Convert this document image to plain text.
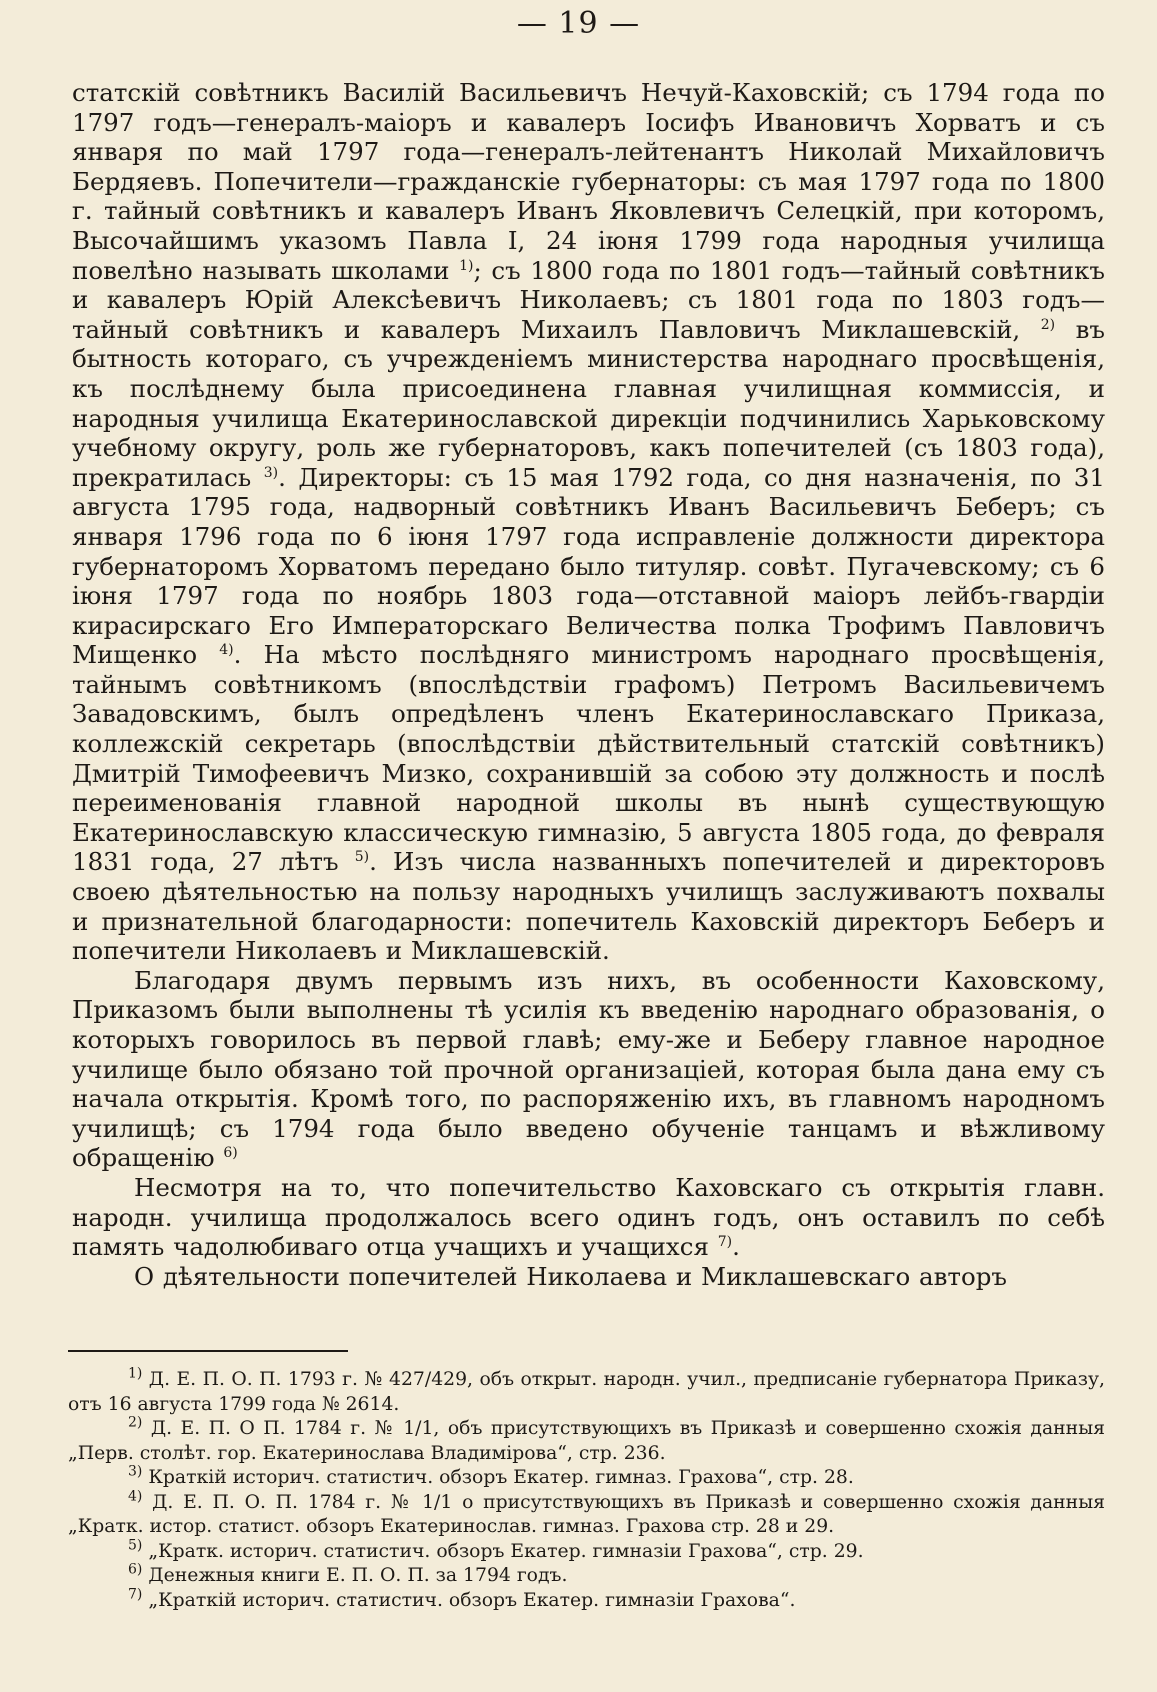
— 19 —

статскій совѣтникъ Василій Васильевичъ Нечуй-Каховскій; съ 1794 года по 1797 годъ—генералъ-маіоръ и кавалеръ Іосифъ Ивановичъ Хорватъ и съ января по май 1797 года—генералъ-лейтенантъ Николай Михайловичъ Бердяевъ. Попечители—гражданскіе губернаторы: съ мая 1797 года по 1800 г. тайный совѣтникъ и кавалеръ Иванъ Яковлевичъ Селецкій, при которомъ, Высочайшимъ указомъ Павла I, 24 іюня 1799 года народныя училища повелѣно называть школами $^{1)}$; съ 1800 года по 1801 годъ—тайный совѣтникъ и кавалеръ Юрій Алексѣевичъ Николаевъ; съ 1801 года по 1803 годъ—тайный совѣтникъ и кавалеръ Михаилъ Павловичъ Миклашевскій, $^{2)}$ въ бытность котораго, съ учрежденіемъ министерства народнаго просвѣщенія, къ послѣднему была присоединена главная училищная коммиссія, и народныя училища Екатеринославской дирекціи подчинились Харьковскому учебному округу, роль же губернаторовъ, какъ попечителей (съ 1803 года), прекратилась $^{3)}$. Директоры: съ 15 мая 1792 года, со дня назначенія, по 31 августа 1795 года, надворный совѣтникъ Иванъ Васильевичъ Беберъ; съ января 1796 года по 6 іюня 1797 года исправленіе должности директора губернаторомъ Хорватомъ передано было титуляр. совѣт. Пугачевскому; съ 6 іюня 1797 года по ноябрь 1803 года—отставной маіоръ лейбъ-гвардіи кирасирскаго Его Императорскаго Величества полка Трофимъ Павловичъ Мищенко $^{4)}$. На мѣсто послѣдняго министромъ народнаго просвѣщенія, тайнымъ совѣтникомъ (впослѣдствіи графомъ) Петромъ Васильевичемъ Завадовскимъ, былъ опредѣленъ членъ Екатеринославскаго Приказа, коллежскій секретарь (впослѣдствіи дѣйствительный статскій совѣтникъ) Дмитрій Тимофеевичъ Мизко, сохранившій за собою эту должность и послѣ переименованія главной народной школы въ нынѣ существующую Екатеринославскую классическую гимназію, 5 августа 1805 года, до февраля 1831 года, 27 лѣтъ $^{5)}$. Изъ числа названныхъ попечителей и директоровъ своею дѣятельностью на пользу народныхъ училищъ заслуживаютъ похвалы и признательной благодарности: попечитель Каховскій директоръ Беберъ и попечители Николаевъ и Миклашевскій.

Благодаря двумъ первымъ изъ нихъ, въ особенности Каховскому, Приказомъ были выполнены тѣ усилія къ введенію народнаго образованія, о которыхъ говорилось въ первой главѣ; ему-же и Беберу главное народное училище было обязано той прочной организаціей, которая была дана ему съ начала открытія. Кромѣ того, по распоряженію ихъ, въ главномъ народномъ училищѣ; съ 1794 года было введено обученіе танцамъ и вѣжливому обращенію $^{6)}$

Несмотря на то, что попечительство Каховскаго съ открытія главн. народн. училища продолжалось всего одинъ годъ, онъ оставилъ по себѣ память чадолюбиваго отца учащихъ и учащихся $^{7)}$.

О дѣятельности попечителей Николаева и Миклашевскаго авторъ

$^{1)}$ Д. Е. П. О. П. 1793 г. № 427/429, объ открыт. народн. учил., предписаніе губернатора Приказу, отъ 16 августа 1799 года № 2614.

$^{2)}$ Д. Е. П. О П. 1784 г. № 1/1, объ присутствующихъ въ Приказѣ и совершенно схожія данныя „Перв. столѣт. гор. Екатеринослава Владимірова“, стр. 236.

$^{3)}$ Краткій историч. статистич. обзоръ Екатер. гимназ. Грахова“, стр. 28.

$^{4)}$ Д. Е. П. О. П. 1784 г. № 1/1 о присутствующихъ въ Приказѣ и совершенно схожія данныя „Кратк. истор. статист. обзоръ Екатеринослав. гимназ. Грахова стр. 28 и 29.

$^{5)}$ „Кратк. историч. статистич. обзоръ Екатер. гимназіи Грахова“, стр. 29.

$^{6)}$ Денежныя книги Е. П. О. П. за 1794 годъ.

$^{7)}$ „Краткій историч. статистич. обзоръ Екатер. гимназіи Грахова“.
